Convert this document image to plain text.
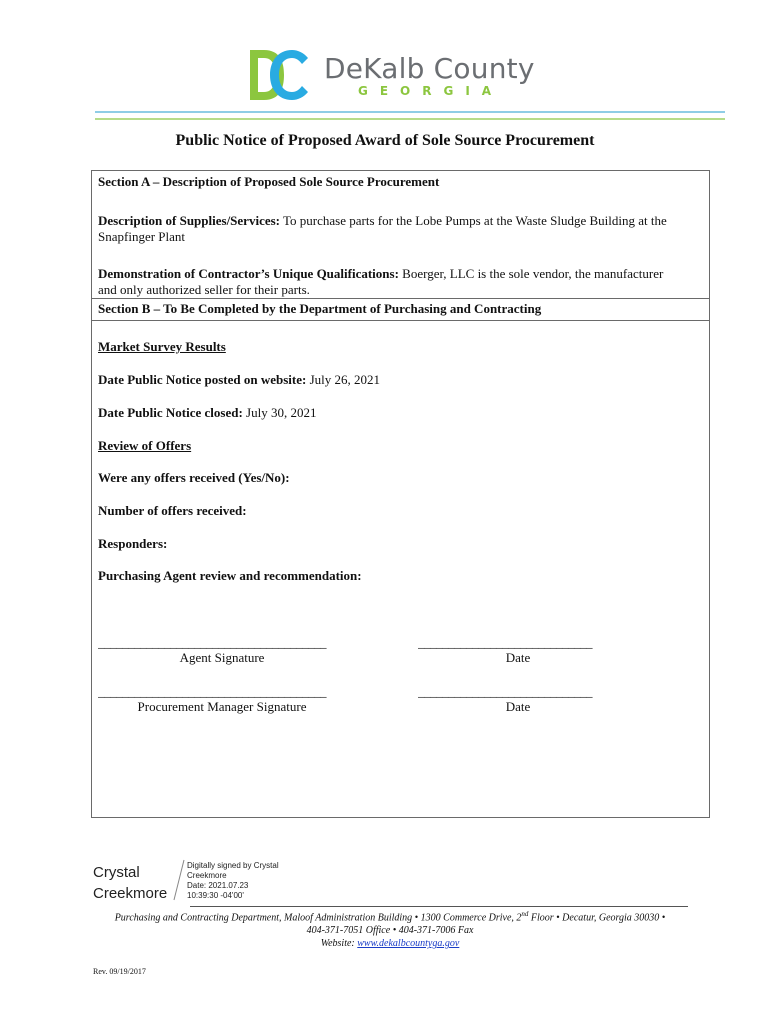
DeKalb County
GEORGIA
Public Notice of Proposed Award of Sole Source Procurement
Section A – Description of Proposed Sole Source Procurement
Description of Supplies/Services: To purchase parts for the Lobe Pumps at the Waste Sludge Building at the
Snapfinger Plant
Demonstration of Contractor’s Unique Qualifications: Boerger, LLC is the sole vendor, the manufacturer
and only authorized seller for their parts.
Section B – To Be Completed by the Department of Purchasing and Contracting
Market Survey Results
Date Public Notice posted on website: July 26, 2021
Date Public Notice closed: July 30, 2021
Review of Offers
Were any offers received (Yes/No):
Number of offers received:
Responders:
Purchasing Agent review and recommendation:
______________________________________	_____________________________
Agent Signature	Date
______________________________________	_____________________________
Procurement Manager Signature	Date
Crystal
Creekmore
Digitally signed by Crystal
Creekmore
Date: 2021.07.23
10:39:30 -04'00'
Purchasing and Contracting Department, Maloof Administration Building • 1300 Commerce Drive, 2nd Floor • Decatur, Georgia 30030 •
404-371-7051 Office • 404-371-7006 Fax
Website: www.dekalbcountyga.gov
Rev. 09/19/2017
